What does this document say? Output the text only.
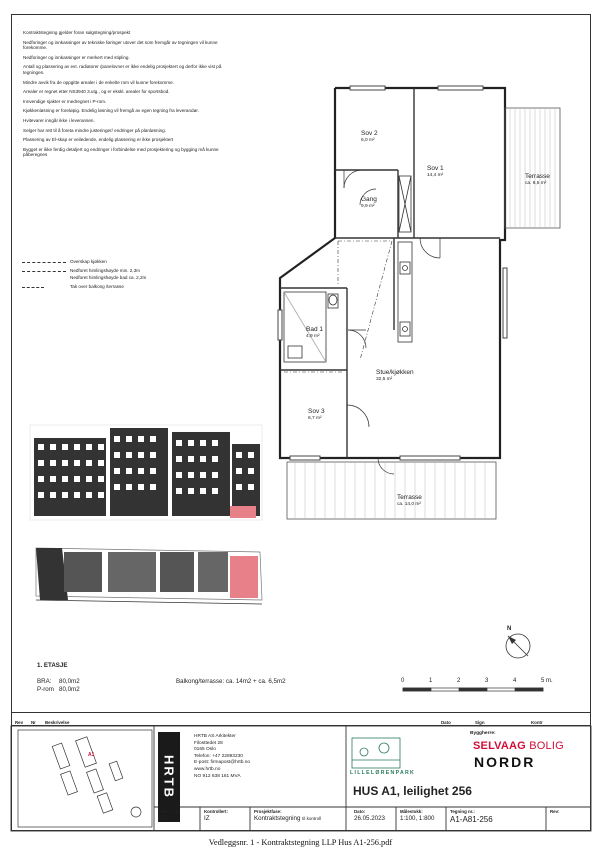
Kontraktstegning gjelder foran salgstegning/prospekt

Nedforinger og innkassinger av tekniske føringer utover det som fremgår av tegningen vil kunne forekomme.

Nedforinger og innkassinger er merkert med stipling.

Antall og plassering av evt. radiatorer /panelovner er ikke endelig prosjektert og derfor ikke vist på tegningen.

Mindre avvik fra de oppgitte arealer i de enkelte rom vil kunne forekomme.

Arealer er regnet etter NS3940 3.utg., og er ekskl. arealer for sportsbod.

Innvendige sjakter er medregnet i P-rom.

Kjøkkenløsning er foreløpig. Endelig løsning vil fremgå av egen tegning fra leverandør.

Hvitevarer inngår ikke i leveransen.

Selger har rett til å foreta mindre justeringer/ endringer på planløsning.

Plassering av El-skap er veiledende, endelig plassering er ikke prosjektert

Bygget er ikke ferdig detaljert og endringer i forbindelse med prosjektering og bygging må kunne påberegnes

Overskap kjøkken
Nedforet himlingshøyde min. 2,3m
Nedforet himlingshøyde bad ca. 2,2m
Tak over balkong /terrasse
Sov 2
6,0 m²
Sov 1
14,4 m²	Terrasse
ca. 6,5 m²
Gang
9,9 m²
Bad 1
4,9 m²
Stue/kjøkken
32,5 m²
Sov 3
6,7 m²
Terrasse
ca. 14,0 m²
1. ETASJE
BRA: 80,0m2
P-rom 80,0m2
Balkong/terrasse: ca. 14m2 + ca. 6,5m2	0	1	2	3	4	5 m.
N
Rev Nr Beskrivelse	Dato	Sign	Kontr
A1	HRTB
HRTB AS Arkitekter
Filosttedet 28
0165 Oslo
Telefon: +47 22893230
E-post: firmapost@hrtb.no
www.hrtb.no
NO 912 638 161 MVA
Byggherre:
SELVAAG BOLIG
NORDR
LILLELØRENPARK
HUS A1, leilighet 256
Tegnet av:
GR
Kontrollert:
IZ
Prosjektfase:
Kontraktstegning til kontroll
Dato:
26.05.2023
Målestokk:
1:100, 1:800
Tegning nr.:
A1-A81-256
Rev:
Vedleggsnr. 1 - Kontraktstegning LLP Hus A1-256.pdf
